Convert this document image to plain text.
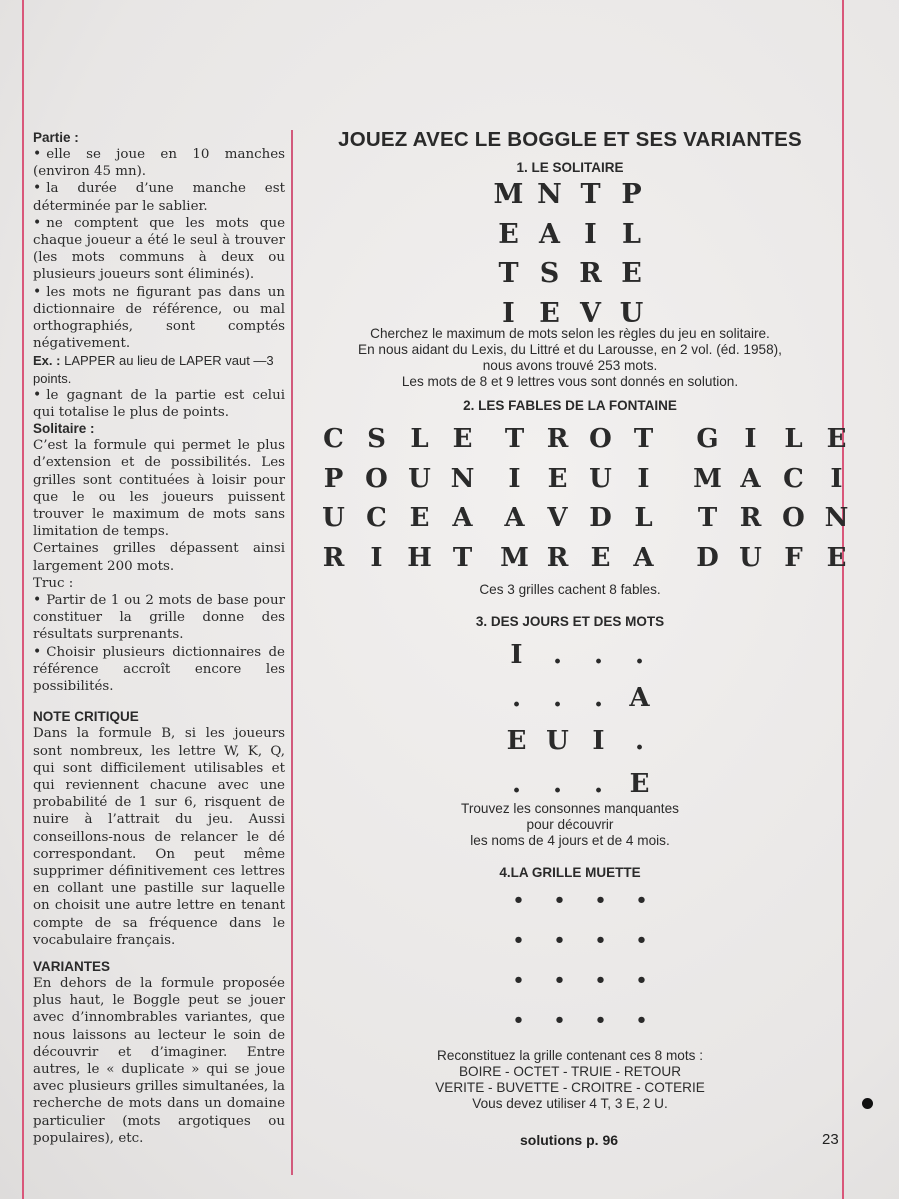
Partie :

• elle se joue en 10 manches (environ 45 mn).

• la durée d’une manche est déterminée par le sablier.

• ne comptent que les mots que chaque joueur a été le seul à trouver (les mots communs à deux ou plusieurs joueurs sont éliminés).

• les mots ne figurant pas dans un dictionnaire de référence, ou mal orthographiés, sont comptés négativement.

Ex. : LAPPER au lieu de LAPER vaut —3 points.

• le gagnant de la partie est celui qui totalise le plus de points.

Solitaire :

C’est la formule qui permet le plus d’extension et de possibilités. Les grilles sont contituées à loisir pour que le ou les joueurs puissent trouver le maximum de mots sans limitation de temps.

Certaines grilles dépassent ainsi largement 200 mots.

Truc :

• Partir de 1 ou 2 mots de base pour constituer la grille donne des résultats surprenants.

• Choisir plusieurs dictionnaires de référence accroît encore les possibilités.

NOTE CRITIQUE

Dans la formule B, si les joueurs sont nombreux, les lettre W, K, Q, qui sont difficilement utilisables et qui reviennent chacune avec une probabilité de 1 sur 6, risquent de nuire à l’attrait du jeu. Aussi conseillons-nous de relancer le dé correspondant. On peut même supprimer définitivement ces lettres en collant une pastille sur laquelle on choisit une autre lettre en tenant compte de sa fréquence dans le vocabulaire français.

VARIANTES

En dehors de la formule proposée plus haut, le Boggle peut se jouer avec d’innombrables variantes, que nous laissons au lecteur le soin de découvrir et d’imaginer. Entre autres, le « duplicate » qui se joue avec plusieurs grilles simultanées, la recherche de mots dans un domaine particulier (mots argotiques ou populaires), etc.

JOUEZ AVEC LE BOGGLE ET SES VARIANTES
1. LE SOLITAIRE
M N T P
E A I L
T S R E
I E V U
Cherchez le maximum de mots selon les règles du jeu en solitaire.
En nous aidant du Lexis, du Littré et du Larousse, en 2 vol. (éd. 1958),
nous avons trouvé 253 mots.
Les mots de 8 et 9 lettres vous sont donnés en solution.
2. LES FABLES DE LA FONTAINE
C S L E
P O U N
U C E A
R	I H T
T R O T
I	E U I
A V D L
M R E A
G I	L E
M A C	I
T R O N
D U F E
Ces 3 grilles cachent 8 fables.
3. DES JOURS ET DES MOTS
I	.	.	.
.	.	.	A
E U I	.
.	.	.	E
Trouvez les consonnes manquantes
pour découvrir
les noms de 4 jours et de 4 mois.
4.LA GRILLE MUETTE
•	•	•	•
•	•	•	•
•	•	•	•
•	•	•	•
Reconstituez la grille contenant ces 8 mots :
BOIRE - OCTET - TRUIE - RETOUR
VERITE - BUVETTE - CROITRE - COTERIE
Vous devez utiliser 4 T, 3 E, 2 U.
solutions p. 96	23
